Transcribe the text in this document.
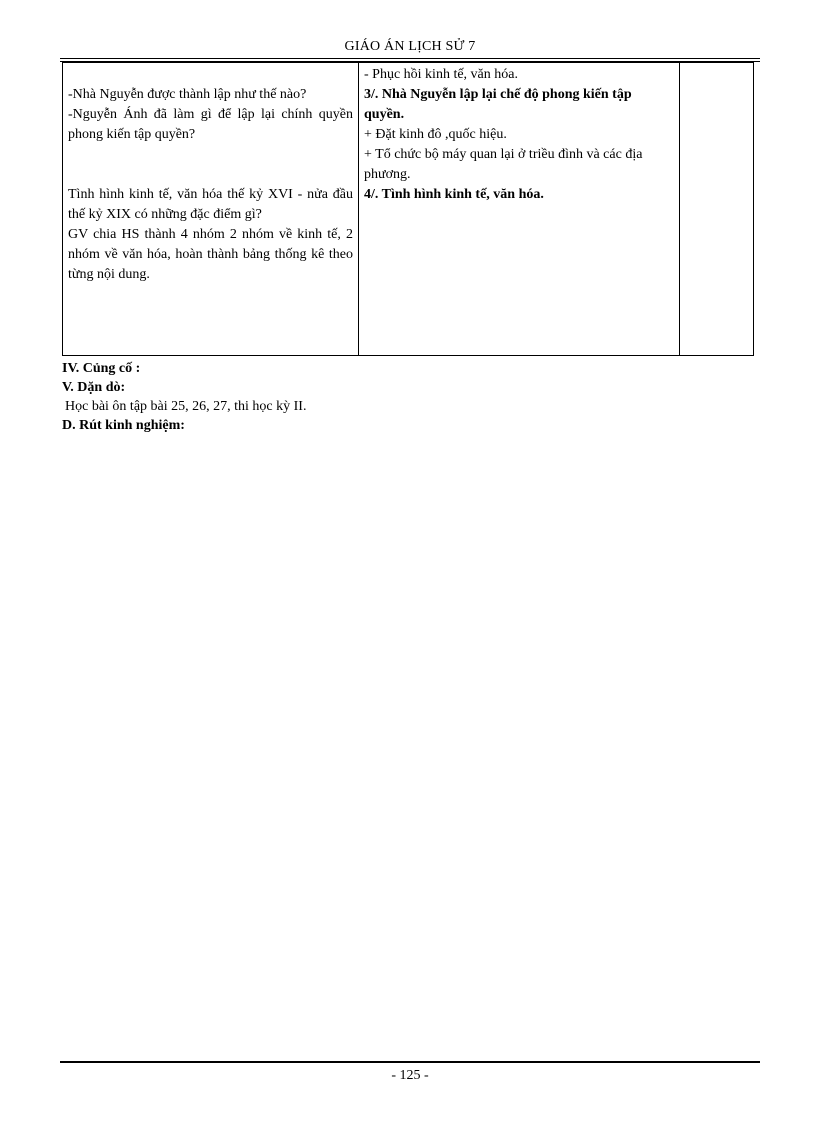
GIÁO ÁN LỊCH SỬ 7
-Nhà Nguyễn được thành lập như thế nào?
-Nguyễn Ánh đã làm gì để lập lại chính quyền phong kiến tập quyền?
Tình hình kinh tế, văn hóa thế kỷ XVI - nửa đầu thế kỷ XIX có những đặc điểm gì?
GV chia HS thành 4 nhóm 2 nhóm về kinh tế, 2 nhóm về văn hóa, hoàn thành bảng thống kê theo từng nội dung.

- Phục hồi kinh tế, văn hóa.
3/. Nhà Nguyễn lập lại chế độ phong kiến tập quyền.
+ Đặt kinh đô ,quốc hiệu.
+ Tổ chức bộ máy quan lại ở triều đình và các địa phương.
4/. Tình hình kinh tế, văn hóa.

IV. Củng cố :
V. Dặn dò:
Học bài ôn tập bài 25, 26, 27, thi học kỳ II.
D. Rút kinh nghiệm:
- 125 -
